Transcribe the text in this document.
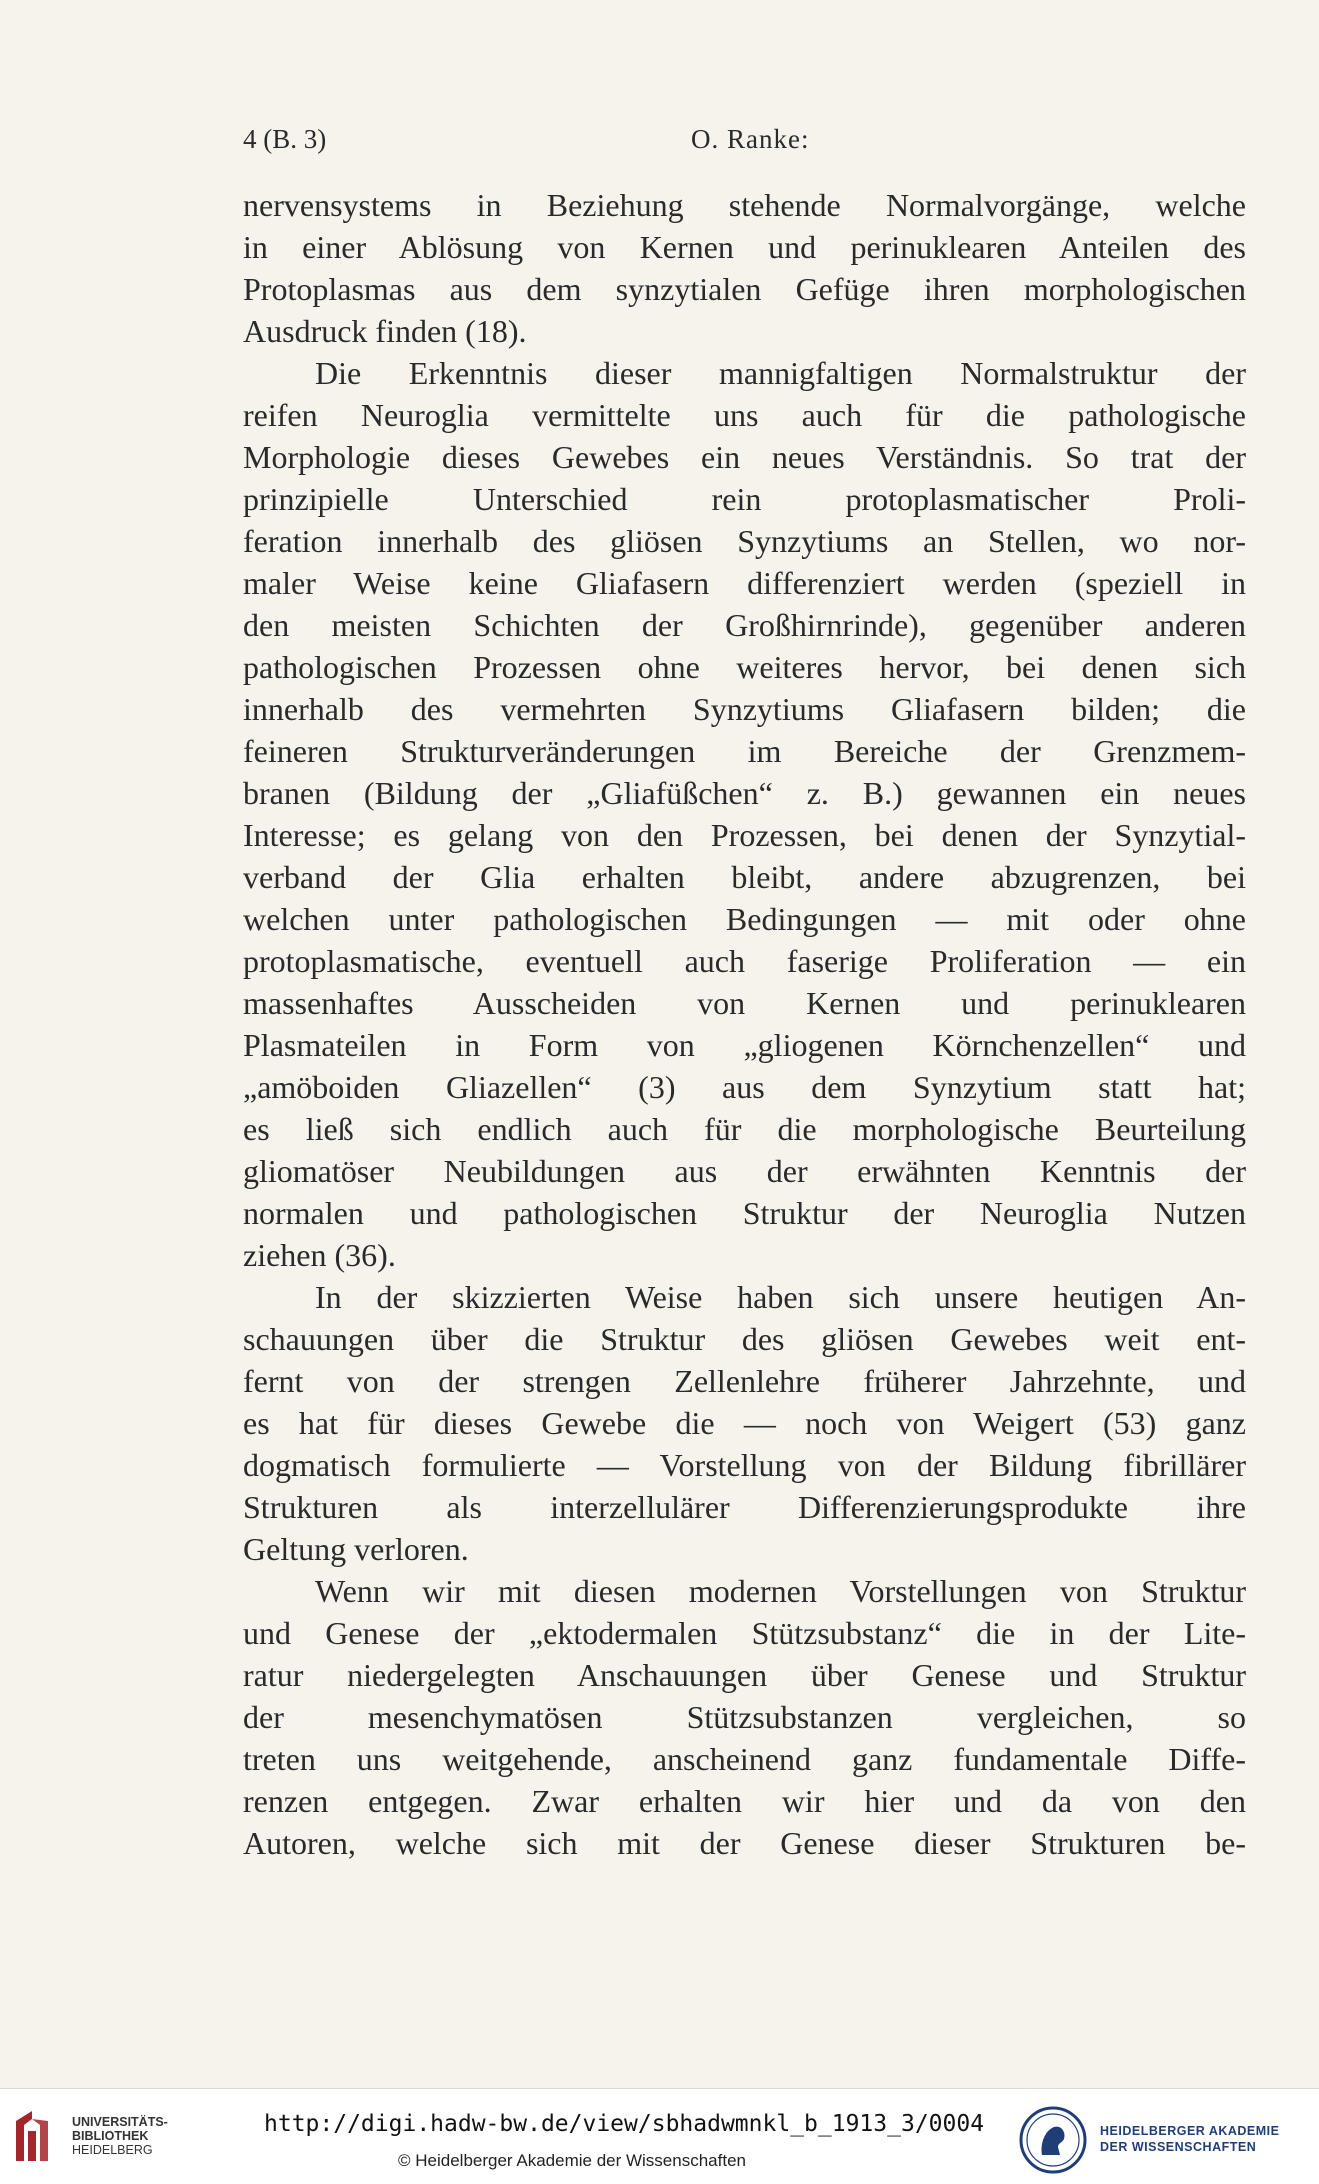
4 (B. 3)	O. Ranke:
nervensystems in Beziehung stehende Normalvorgänge, welche
in einer Ablösung von Kernen und perinuklearen Anteilen des
Protoplasmas aus dem synzytialen Gefüge ihren morphologischen
Ausdruck finden (18).
Die Erkenntnis dieser mannigfaltigen Normalstruktur der
reifen Neuroglia vermittelte uns auch für die pathologische
Morphologie dieses Gewebes ein neues Verständnis. So trat der
prinzipielle Unterschied rein protoplasmatischer Proli-
feration innerhalb des gliösen Synzytiums an Stellen, wo nor-
maler Weise keine Gliafasern differenziert werden (speziell in
den meisten Schichten der Großhirnrinde), gegenüber anderen
pathologischen Prozessen ohne weiteres hervor, bei denen sich
innerhalb des vermehrten Synzytiums Gliafasern bilden; die
feineren Strukturveränderungen im Bereiche der Grenzmem-
branen (Bildung der „Gliafüßchen“ z. B.) gewannen ein neues
Interesse; es gelang von den Prozessen, bei denen der Synzytial-
verband der Glia erhalten bleibt, andere abzugrenzen, bei
welchen unter pathologischen Bedingungen — mit oder ohne
protoplasmatische, eventuell auch faserige Proliferation — ein
massenhaftes Ausscheiden von Kernen und perinuklearen
Plasmateilen in Form von „gliogenen Körnchenzellen“ und
„amöboiden Gliazellen“ (3) aus dem Synzytium statt hat;
es ließ sich endlich auch für die morphologische Beurteilung
gliomatöser Neubildungen aus der erwähnten Kenntnis der
normalen und pathologischen Struktur der Neuroglia Nutzen
ziehen (36).
In der skizzierten Weise haben sich unsere heutigen An-
schauungen über die Struktur des gliösen Gewebes weit ent-
fernt von der strengen Zellenlehre früherer Jahrzehnte, und
es hat für dieses Gewebe die — noch von Weigert (53) ganz
dogmatisch formulierte — Vorstellung von der Bildung fibrillärer
Strukturen als interzellulärer Differenzierungsprodukte ihre
Geltung verloren.
Wenn wir mit diesen modernen Vorstellungen von Struktur
und Genese der „ektodermalen Stützsubstanz“ die in der Lite-
ratur niedergelegten Anschauungen über Genese und Struktur
der mesenchymatösen Stützsubstanzen vergleichen, so
treten uns weitgehende, anscheinend ganz fundamentale Diffe-
renzen entgegen. Zwar erhalten wir hier und da von den
Autoren, welche sich mit der Genese dieser Strukturen be-
UNIVERSITÄTS-
BIBLIOTHEK
HEIDELBERG
http://digi.hadw-bw.de/view/sbhadwmnkl_b_1913_3/0004
© Heidelberger Akademie der Wissenschaften
HEIDELBERGER AKADEMIE
DER WISSENSCHAFTEN
